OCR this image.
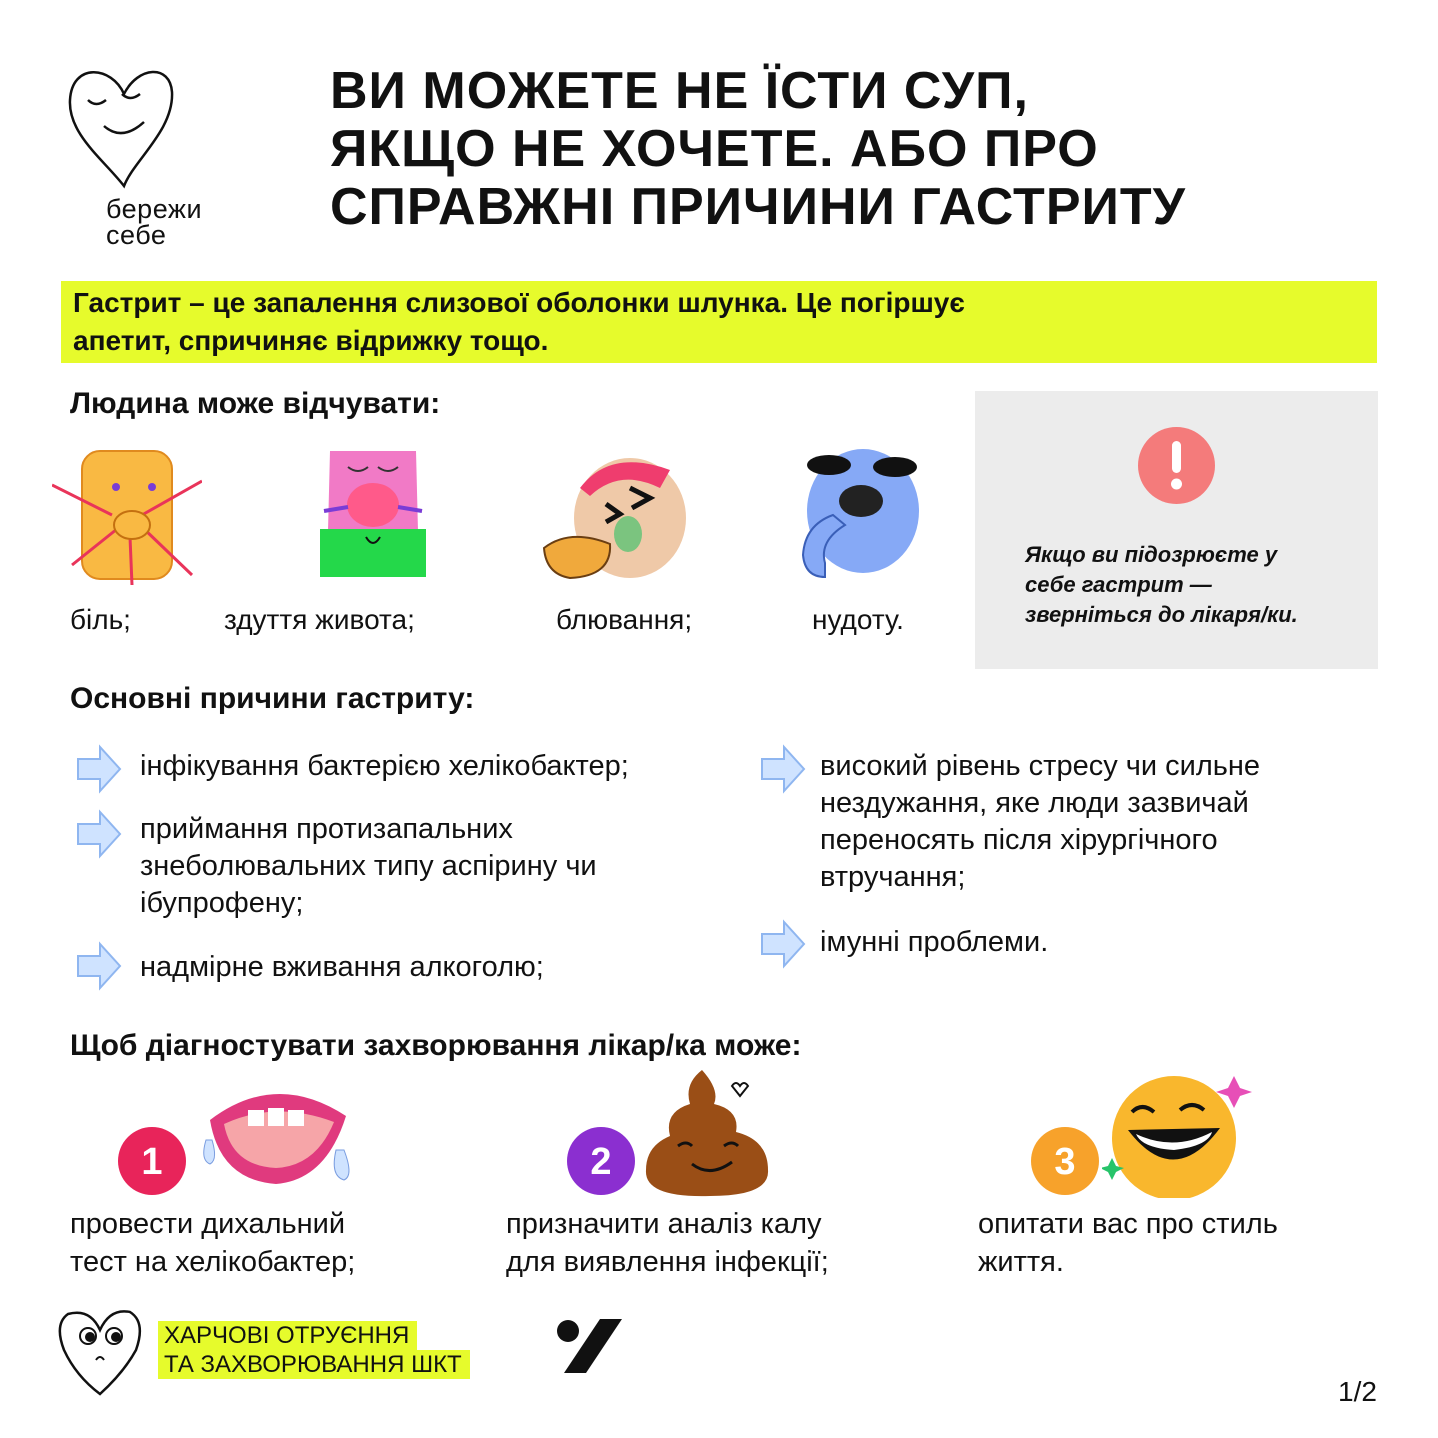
бережи
себе
ВИ МОЖЕТЕ НЕ ЇСТИ СУП,
ЯКЩО НЕ ХОЧЕТЕ. АБО ПРО
СПРАВЖНІ ПРИЧИНИ ГАСТРИТУ
Гастрит – це запалення слизової оболонки шлунка. Це погіршує
апетит, спричиняє відрижку тощо.
Людина може відчувати:
біль;	здуття живота;	блювання;	нудоту.
Якщо ви підозрюєте у
себе гастрит —
зверніться до лікаря/ки.
Основні причини гастриту:
інфікування бактерією хелікобактер;
приймання протизапальних
знеболювальних типу аспірину чи
ібупрофену;
надмірне вживання алкоголю;
високий рівень стресу чи сильне
нездужання, яке люди зазвичай
переносять після хірургічного
втручання;
імунні проблеми.
Щоб діагностувати захворювання лікар/ка може:
1
провести дихальний
тест на хелікобактер;
2
призначити аналіз калу
для виявлення інфекції;
3
опитати вас про стиль
життя.
ХАРЧОВІ ОТРУЄННЯ
ТА ЗАХВОРЮВАННЯ ШКТ
1/2
